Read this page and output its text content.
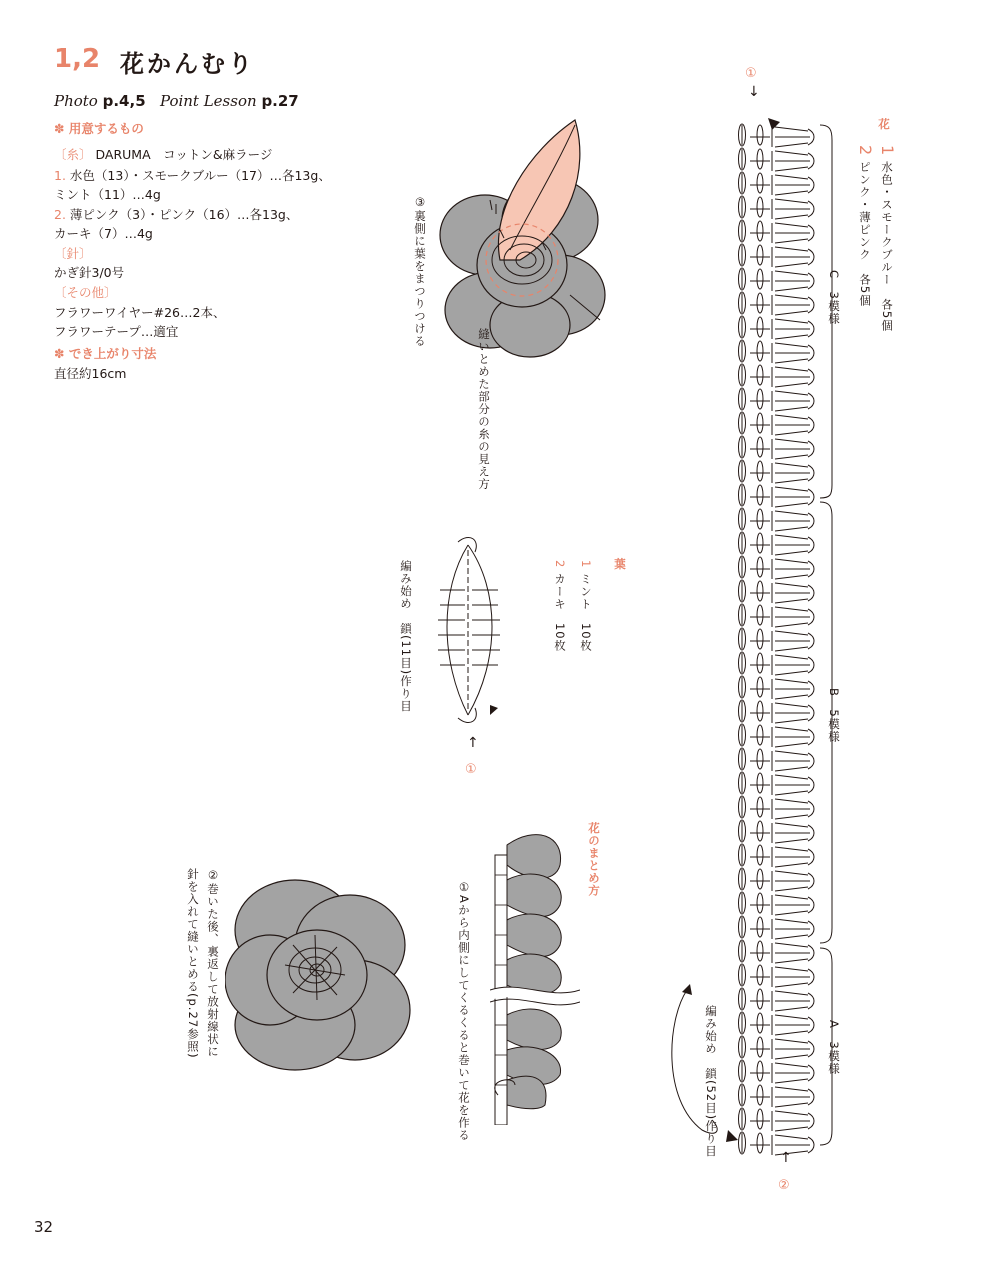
1,2 花かんむり
Photo p.4,5 Point Lesson p.27
✽ 用意するもの
〔糸〕 DARUMA　コットン&麻ラージ
1. 水色（13）・スモークブルー（17）…各13g、
ミント（11）…4g
2. 薄ピンク（3）・ピンク（16）…各13g、
カーキ（7）…4g
〔針〕
かぎ針3/0号
〔その他〕
フラワーワイヤー#26…2本、
フラワーテープ…適宜
✽ でき上がり寸法
直径約16cm
③裏側に葉をまつりつける
縫いとめた部分の糸の見え方
編み始め　鎖(11目)作り目
↑
①
葉
1 ミント　10枚
2 カーキ　10枚
花のまとめ方
①Aから内側にしてくるくると巻いて花を作る
②巻いた後、裏返して放射線状に
針を入れて縫いとめる(p.27参照)
①
↓
↑
②
C　3模様
B　5模様
A　3模様
花
1 水色・スモークブルー　各5個
2 ピンク・薄ピンク　各5個
編み始め　鎖(52目)作り目
32
